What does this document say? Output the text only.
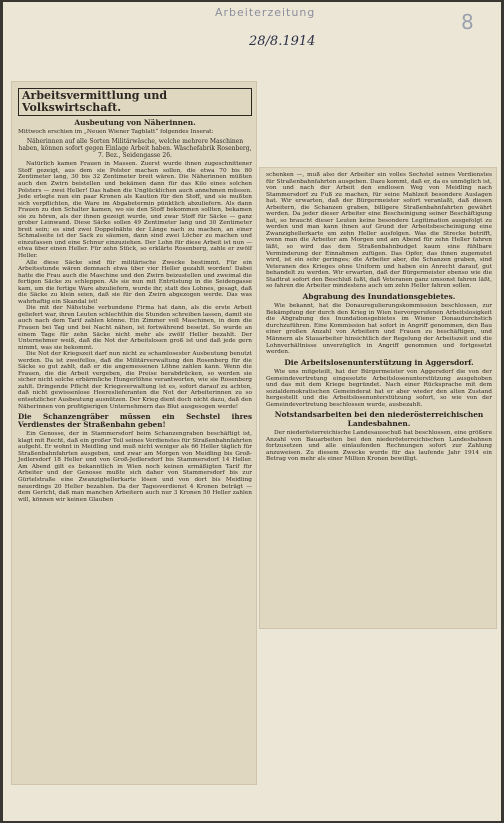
Arbeiterzeitung
28/8.1914
8
Arbeitsvermittlung und Volkswirtschaft.
Ausbeutung von Näherinnen.
Mittwoch erschien im „Neuen Wiener Tagblatt“ folgendes Inserat:
Näherinnen auf alle Sorten Militärwäsche, welche mehrere Maschinen haben, können sofort gegen Einlage Arbeit haben. Wäschefabrik Rosenberg, 7. Bez., Seidengasse 26.

Natürlich kamen Frauen in Massen. Zuerst wurde ihnen zugeschnittener Stoff gezeigt, aus dem sie Polster machen sollen, die etwa 70 bis 80 Zentimeter lang, 30 bis 32 Zentimeter breit wären. Die Näherinnen müßten auch den Zwirn beistellen und bekämen dann für das Kilo eines solchen Polsters — zwei Heller! Das haben die Unglücklichen auch annehmen müssen. Jede erlegte nun ein paar Kronen als Kaution für den Stoff, und sie mußten sich verpflichten, die Ware im Abgabetermin pünktlich abzuliefern. Als dann Frauen zu den Schalter kamen, wo sie den Stoff bekommen sollten, bekamen sie zu hören, als der ihnen gezeigt wurde, und zwar Stoff für Säcke — ganz grober Leinwand. Diese Säcke sollen 49 Zentimeter lang und 30 Zentimeter breit sein; es sind zwei Doppelnähte der Länge nach zu machen, an einer Schmalseite ist der Sack zu säumen, dann sind zwei Löcher zu machen und einzufassen und eine Schnur einzuziehen. Der Lohn für diese Arbeit ist nun — etwa über einen Heller. Für zehn Stück, so erklärte Rosenberg, zahle er zwölf Heller.

Alle diese Säcke sind für militärische Zwecke bestimmt. Für ein Arbeitsstunde wären demnach etwa über vier Heller gezahlt worden! Dabei hatte die Frau auch die Maschine und den Zwirn beizustellen und zweimal die fertigen Säcke zu schleppen. Als sie nun mit Entrüstung in die Seidengasse kam, um die fertige Ware abzuliefern, wurde ihr, statt des Lohnes, gesagt, daß die Säcke zu klein seien, daß sie für den Zwirn abgezogen werde. Das was wahrhaftig ein Skandal ist!

Die mit der Nähstube verbundene Firma hat dann, als die erste Arbeit geliefert war, ihren Leuten schlechthin die Stunden schreiben lassen, damit sie auch nach dem Tarif zahlen könne. Ein Zimmer voll Maschinen, in dem die Frauen bei Tag und bei Nacht nähen, ist fortwährend besetzt. So wurde an einem Tage für zehn Säcke nicht mehr als zwölf Heller bezahlt. Der Unternehmer weiß, daß die Not der Arbeitslosen groß ist und daß jede gern nimmt, was sie bekommt.

Die Not der Kriegszeit darf nun nicht zu schamlosester Ausbeutung benutzt werden. Da ist zweifellos, daß die Militärverwaltung den Rosenberg für die Säcke so gut zahlt, daß er die angemessenen Löhne zahlen kann. Wenn die Frauen, die die Arbeit vergeben, die Preise herabdrücken, so werden sie sicher nicht solche erbärmliche Hungerlöhne verantworten, wie sie Rosenberg zahlt. Dringende Pflicht der Kriegsverwaltung ist es, sofort darauf zu achten, daß nicht gewissenlose Heereslieferanten die Not der Arbeiterinnen zu so entsetzlicher Ausbeutung ausnützen. Der Krieg dient doch nicht dazu, daß den Näherinnen von profitgierigen Unternehmern das Blut ausgesogen werde!

Die Schanzengräber müssen ein Sechstel ihres Verdienstes der Straßenbahn geben!

Ein Genosse, der in Stammersdorf beim Schanzengraben beschäftigt ist, klagt mit Recht, daß ein großer Teil seines Verdienstes für Straßenbahnfahrten aufgeht. Er wohnt in Meidling und muß nicht weniger als 66 Heller täglich für Straßenbahnfahrten ausgeben, und zwar am Morgen von Meidling bis Groß-Jedlersdorf 18 Heller und von Groß-Jedlersdorf bis Stammersdorf 14 Heller. Am Abend gilt es bekanntlich in Wien noch keinen ermäßigten Tarif für Arbeiter und der Genosse mußte sich daher von Stammersdorf bis zur Gürtelstraße eine Zwanzighellerkarte lösen und von dort bis Meidling neuerdings 20 Heller bezahlen. Da der Tagesverdienst 4 Kronen beträgt — dem Gericht, daß man manchen Arbeitern auch nur 3 Kronen 50 Heller zahlen will, können wir keinen Glauben

schenken —, muß also der Arbeiter ein volles Sechstel seines Verdienstes für Straßenbahnfahrten ausgeben. Dazu kommt, daß er, da es unmöglich ist, von und nach der Arbeit den endlosen Weg von Meidling nach Stammersdorf zu Fuß zu machen, für seine Mahlzeit besondere Auslagen hat. Wir erwarten, daß der Bürgermeister sofort veranlaßt, daß diesen Arbeitern, die Schanzen graben, billigere Straßenbahnfahrten gewährt werden. Da jeder dieser Arbeiter eine Bescheinigung seiner Beschäftigung hat, so braucht dieser Leuten keine besondere Legitimation ausgefolgt zu werden und man kann ihnen auf Grund der Arbeitsbescheinigung eine Zwanzighellerkarte um zehn Heller ausfolgen. Was die Strecke betrifft, wenn man die Arbeiter am Morgen und am Abend für zehn Heller fahren läßt, so wird das dem Straßenbahnbudget kaum eine fühlbare Verminderung der Einnahmen zufügen. Das Opfer, das ihnen zugemutet wird, ist ein sehr geringes; die Arbeiter aber, die Schanzen graben, sind Veteranen des Krieges ohne Uniform und haben ein Anrecht darauf, gut behandelt zu werden. Wir erwarten, daß der Bürgermeister ebenso wie die Stadtrat sofort den Beschluß faßt, daß Veteranen ganz umsonst fahren läßt, so fahren die Arbeiter mindestens auch um zehn Heller fahren sollen.

Abgrabung des Inundationsgebietes.

Wie bekannt, hat die Donauregulierungskommission beschlossen, zur Bekämpfung der durch den Krieg in Wien hervorgerufenen Arbeitslosigkeit die Abgrabung des Inundationsgebietes im Wiener Donaudurchstich durchzuführen. Eine Kommission hat sofort in Angriff genommen, den Bau einer großen Anzahl von Arbeitern und Frauen zu beschäftigen, und Männern als Stauarbeiter hinsichtlich der Regelung der Arbeitszeit und die Lohnverhältnisse unverzüglich in Angriff genommen und fortgesetzt werden.

Die Arbeitslosenunterstützung in Aggersdorf.

Wie uns mitgeteilt, hat der Bürgermeister von Aggersdorf die von der Gemeindevertretung eingesetzte Arbeitslosenunterstützung ausgehoben und das mit dem Kriege begründet. Nach einer Rücksprache mit dem sozialdemokratischen Gemeinderat hat er aber wieder den alten Zustand hergestellt und die Arbeitslosenunterstützung sofort, so wie von der Gemeindevertretung beschlossen wurde, ausbezahlt.

Notstandsarbeiten bei den niederösterreichischen Landesbahnen.

Der niederösterreichische Landesausschuß hat beschlossen, eine größere Anzahl von Bauarbeiten bei den niederösterreichischen Landesbahnen fortzusetzen und alle einlaufenden Rechnungen sofort zur Zahlung anzuweisen. Zu diesem Zwecke wurde für das laufende Jahr 1914 ein Betrag von mehr als einer Million Kronen bewilligt.
